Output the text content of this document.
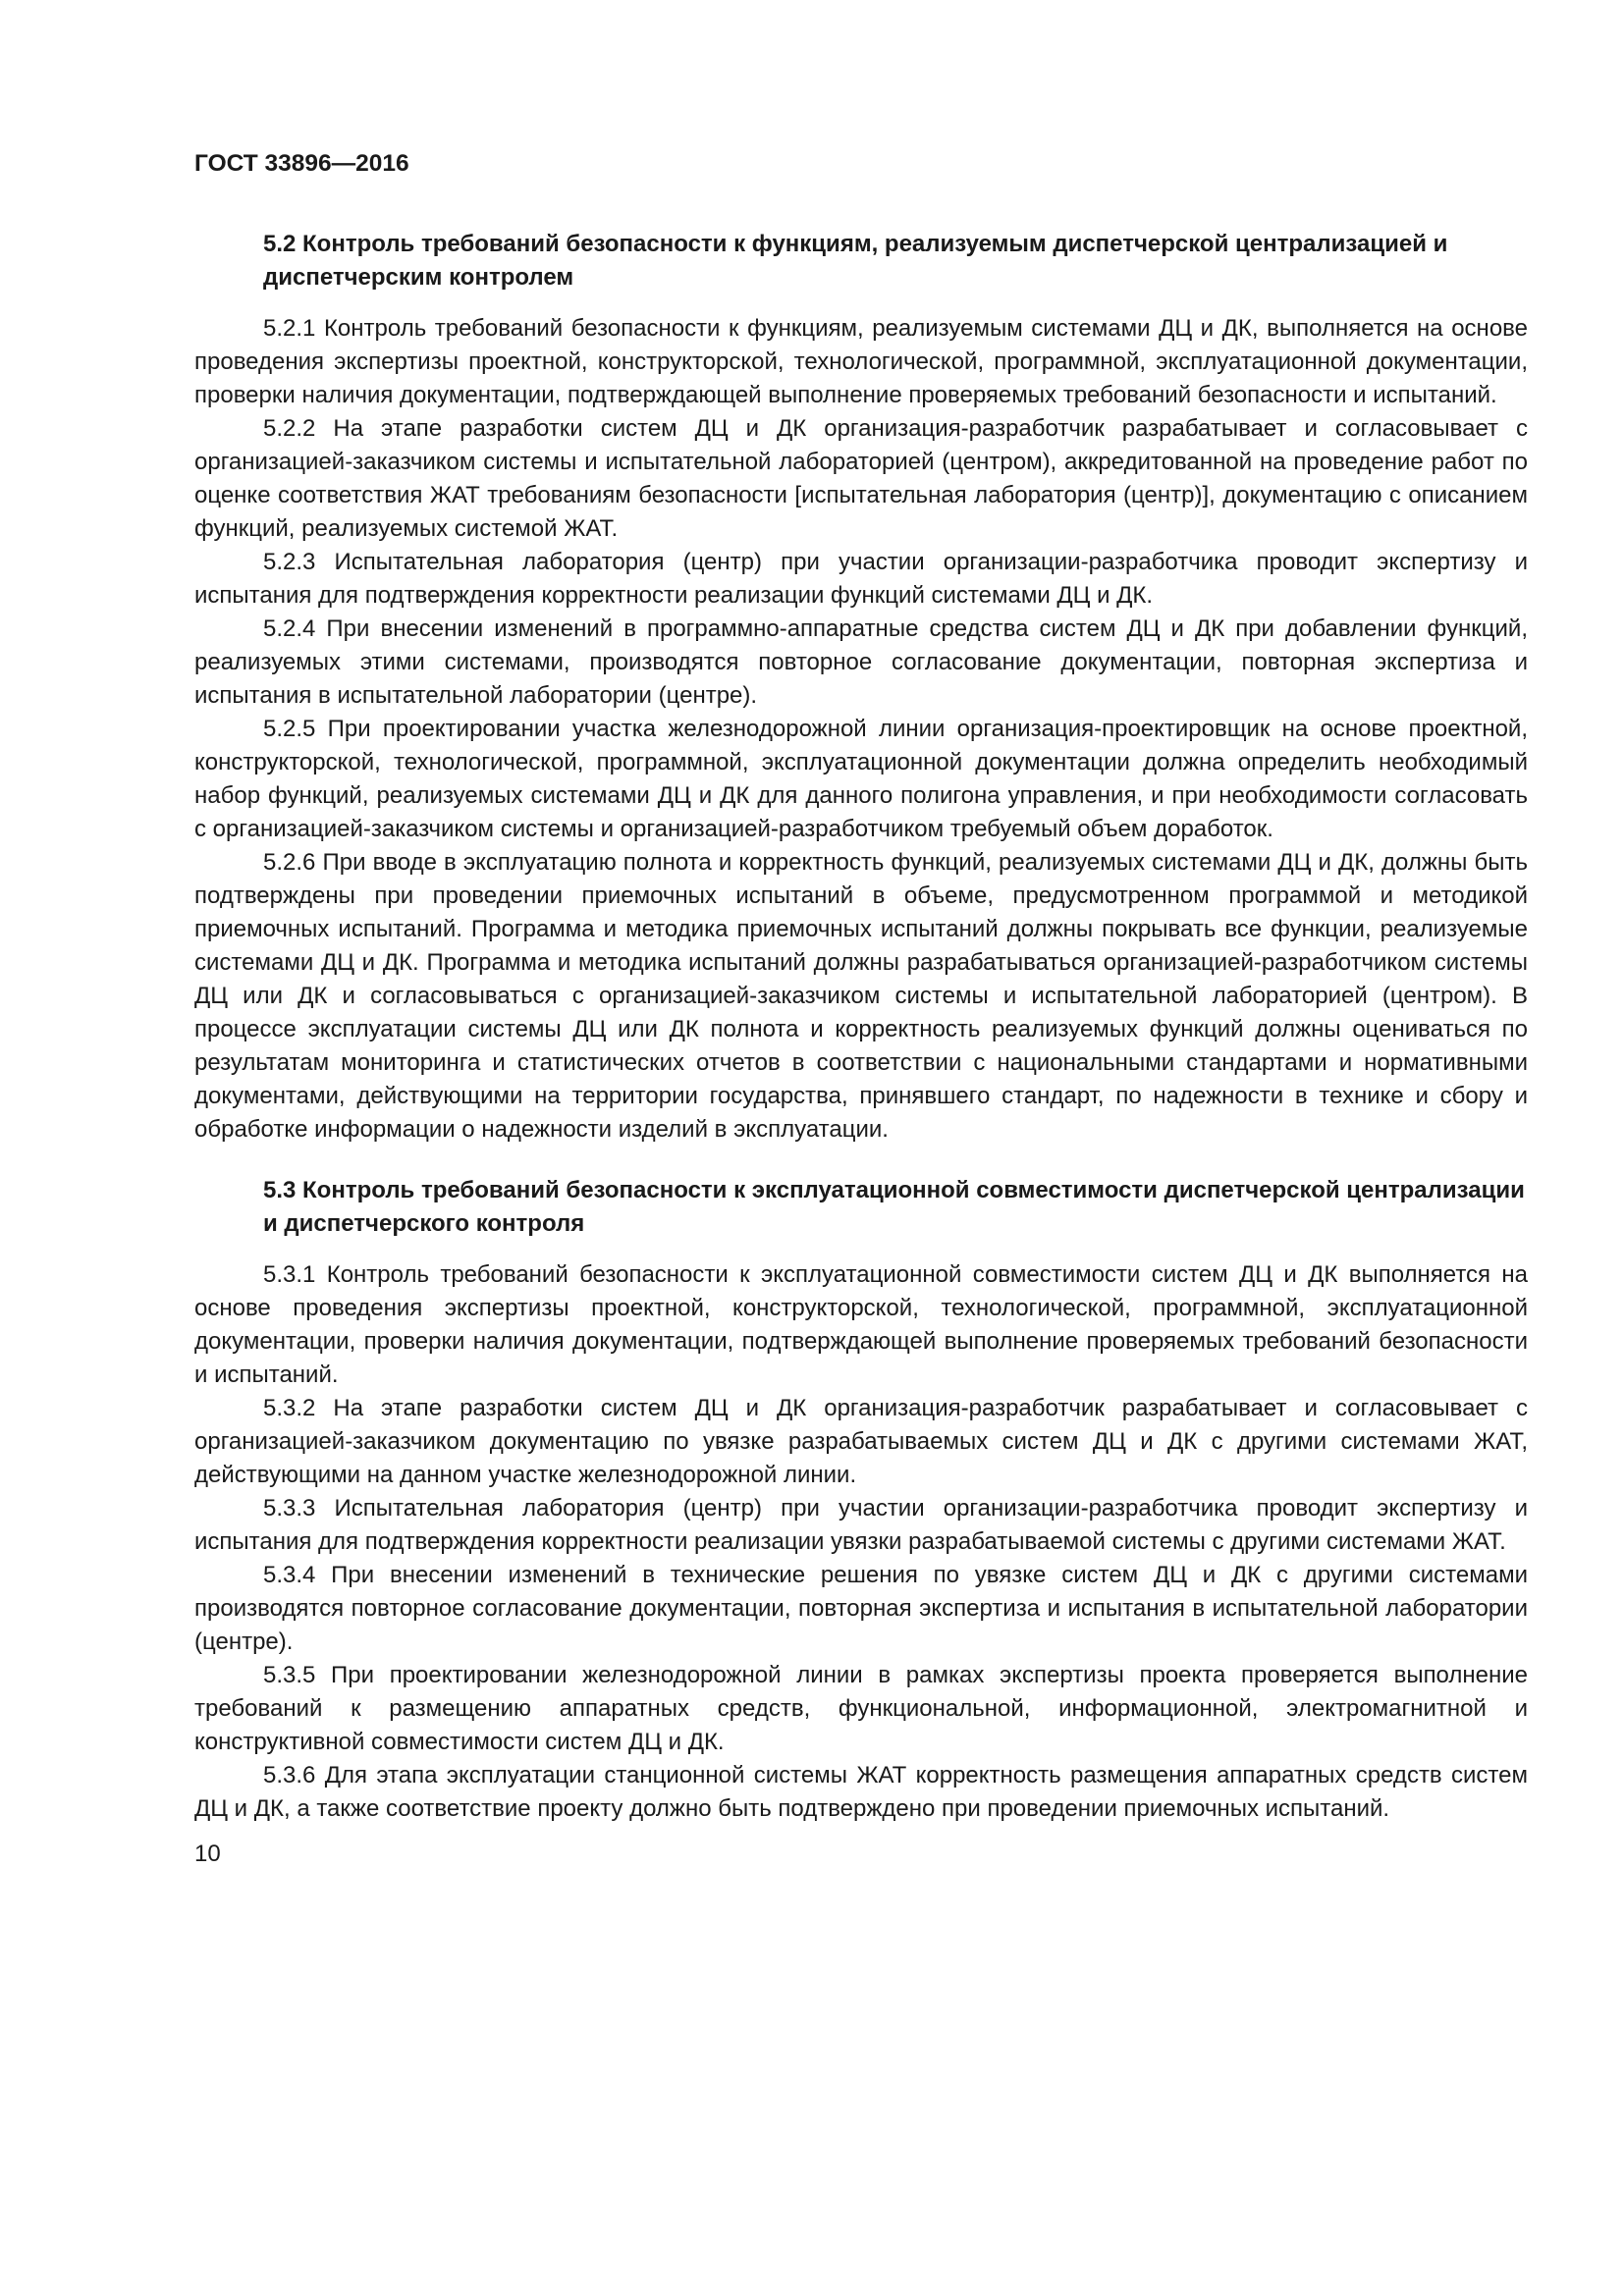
ГОСТ 33896—2016
5.2 Контроль требований безопасности к функциям, реализуемым диспетчерской централизацией и диспетчерским контролем

5.2.1 Контроль требований безопасности к функциям, реализуемым системами ДЦ и ДК, выполняется на основе проведения экспертизы проектной, конструкторской, технологической, программной, эксплуатационной документации, проверки наличия документации, подтверждающей выполнение проверяемых требований безопасности и испытаний.

5.2.2 На этапе разработки систем ДЦ и ДК организация-разработчик разрабатывает и согласовывает с организацией-заказчиком системы и испытательной лабораторией (центром), аккредитованной на проведение работ по оценке соответствия ЖАТ требованиям безопасности [испытательная лаборатория (центр)], документацию с описанием функций, реализуемых системой ЖАТ.

5.2.3 Испытательная лаборатория (центр) при участии организации-разработчика проводит экспертизу и испытания для подтверждения корректности реализации функций системами ДЦ и ДК.

5.2.4 При внесении изменений в программно-аппаратные средства систем ДЦ и ДК при добавлении функций, реализуемых этими системами, производятся повторное согласование документации, повторная экспертиза и испытания в испытательной лаборатории (центре).

5.2.5 При проектировании участка железнодорожной линии организация-проектировщик на основе проектной, конструкторской, технологической, программной, эксплуатационной документации должна определить необходимый набор функций, реализуемых системами ДЦ и ДК для данного полигона управления, и при необходимости согласовать с организацией-заказчиком системы и организацией-разработчиком требуемый объем доработок.

5.2.6 При вводе в эксплуатацию полнота и корректность функций, реализуемых системами ДЦ и ДК, должны быть подтверждены при проведении приемочных испытаний в объеме, предусмотренном программой и методикой приемочных испытаний. Программа и методика приемочных испытаний должны покрывать все функции, реализуемые системами ДЦ и ДК. Программа и методика испытаний должны разрабатываться организацией-разработчиком системы ДЦ или ДК и согласовываться с организацией-заказчиком системы и испытательной лабораторией (центром). В процессе эксплуатации системы ДЦ или ДК полнота и корректность реализуемых функций должны оцениваться по результатам мониторинга и статистических отчетов в соответствии с национальными стандартами и нормативными документами, действующими на территории государства, принявшего стандарт, по надежности в технике и сбору и обработке информации о надежности изделий в эксплуатации.

5.3 Контроль требований безопасности к эксплуатационной совместимости диспетчерской централизации и диспетчерского контроля

5.3.1 Контроль требований безопасности к эксплуатационной совместимости систем ДЦ и ДК выполняется на основе проведения экспертизы проектной, конструкторской, технологической, программной, эксплуатационной документации, проверки наличия документации, подтверждающей выполнение проверяемых требований безопасности и испытаний.

5.3.2 На этапе разработки систем ДЦ и ДК организация-разработчик разрабатывает и согласовывает с организацией-заказчиком документацию по увязке разрабатываемых систем ДЦ и ДК с другими системами ЖАТ, действующими на данном участке железнодорожной линии.

5.3.3 Испытательная лаборатория (центр) при участии организации-разработчика проводит экспертизу и испытания для подтверждения корректности реализации увязки разрабатываемой системы с другими системами ЖАТ.

5.3.4 При внесении изменений в технические решения по увязке систем ДЦ и ДК с другими системами производятся повторное согласование документации, повторная экспертиза и испытания в испытательной лаборатории (центре).

5.3.5 При проектировании железнодорожной линии в рамках экспертизы проекта проверяется выполнение требований к размещению аппаратных средств, функциональной, информационной, электромагнитной и конструктивной совместимости систем ДЦ и ДК.

5.3.6 Для этапа эксплуатации станционной системы ЖАТ корректность размещения аппаратных средств систем ДЦ и ДК, а также соответствие проекту должно быть подтверждено при проведении приемочных испытаний.

10
